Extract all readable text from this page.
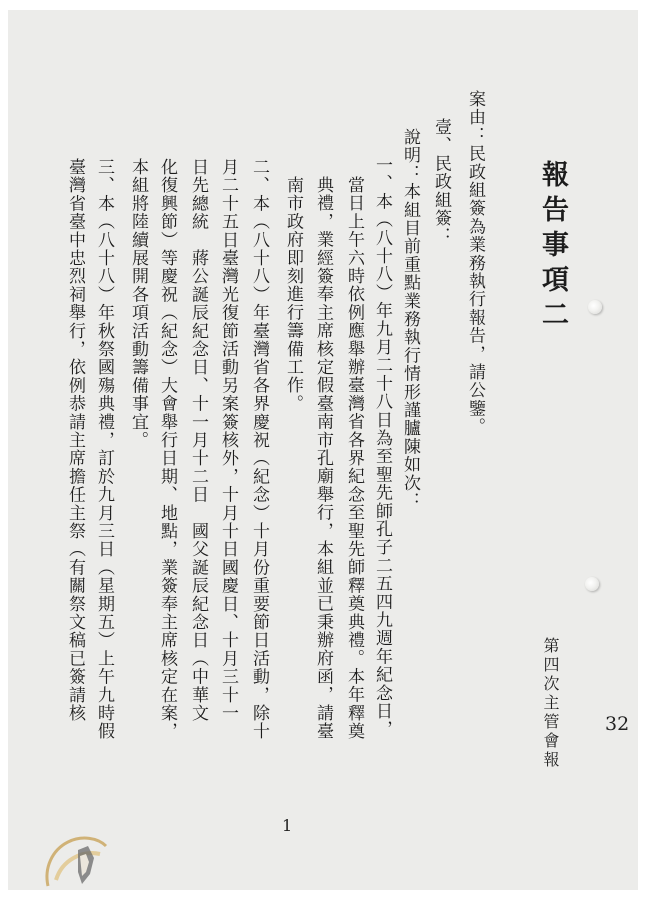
報告事項二
案由：民政組簽為業務執行報告，請公鑒。
壹、民政組簽：
說明：本組目前重點業務執行情形謹臚陳如次：
一、本（八十八）年九月二十八日為至聖先師孔子二五四九週年紀念日，
當日上午六時依例應舉辦臺灣省各界紀念至聖先師釋奠典禮。本年釋奠
典禮，業經簽奉主席核定假臺南市孔廟舉行，本組並已秉辦府函，請臺
南市政府即刻進行籌備工作。
二、本（八十八）年臺灣省各界慶祝（紀念）十月份重要節日活動，除十
月二十五日臺灣光復節活動另案簽核外，十月十日國慶日、十月三十一
日先總統　蔣公誕辰紀念日、十一月十二日　國父誕辰紀念日（中華文
化復興節）等慶祝（紀念）大會舉行日期、地點，業簽奉主席核定在案，
本組將陸續展開各項活動籌備事宜。
三、本（八十八）年秋祭國殤典禮，訂於九月三日（星期五）上午九時假
臺灣省臺中忠烈祠舉行，依例恭請主席擔任主祭（有關祭文稿已簽請核	第四次主管會報 32
1
